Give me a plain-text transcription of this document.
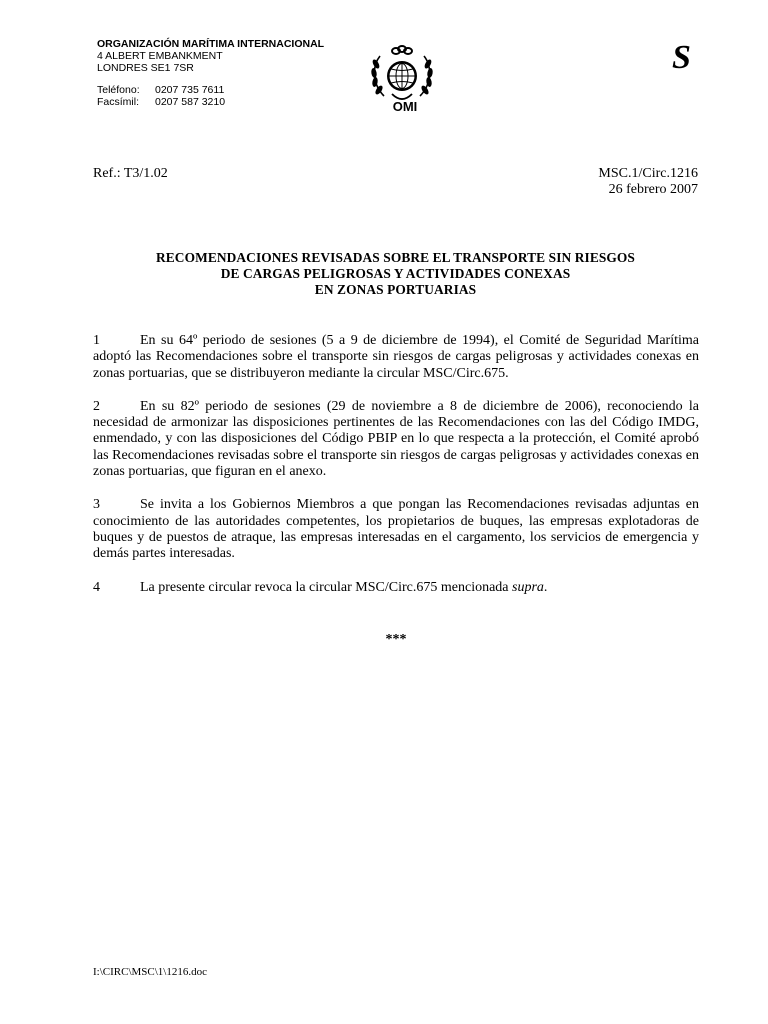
ORGANIZACIÓN MARÍTIMA INTERNACIONAL
4 ALBERT EMBANKMENT
LONDRES SE1 7SR
Teléfono:	0207 735 7611
Facsímil:	0207 587 3210	OMI
S
Ref.: T3/1.02	MSC.1/Circ.1216
26 febrero 2007
RECOMENDACIONES REVISADAS SOBRE EL TRANSPORTE SIN RIESGOS
DE CARGAS PELIGROSAS Y ACTIVIDADES CONEXAS
EN ZONAS PORTUARIAS

1	En su 64º periodo de sesiones (5 a 9 de diciembre de 1994), el Comité de Seguridad Marítima adoptó las Recomendaciones sobre el transporte sin riesgos de cargas peligrosas y actividades conexas en zonas portuarias, que se distribuyeron mediante la circular MSC/Circ.675.

2	En su 82º periodo de sesiones (29 de noviembre a 8 de diciembre de 2006), reconociendo la necesidad de armonizar las disposiciones pertinentes de las Recomendaciones con las del Código IMDG, enmendado, y con las disposiciones del Código PBIP en lo que respecta a la protección, el Comité aprobó las Recomendaciones revisadas sobre el transporte sin riesgos de cargas peligrosas y actividades conexas en zonas portuarias, que figuran en el anexo.

3	Se invita a los Gobiernos Miembros a que pongan las Recomendaciones revisadas adjuntas en conocimiento de las autoridades competentes, los propietarios de buques, las empresas explotadoras de buques y de puestos de atraque, las empresas interesadas en el cargamento, los servicios de emergencia y demás partes interesadas.

4	La presente circular revoca la circular MSC/Circ.675 mencionada supra.

***
I:\CIRC\MSC\1\1216.doc
